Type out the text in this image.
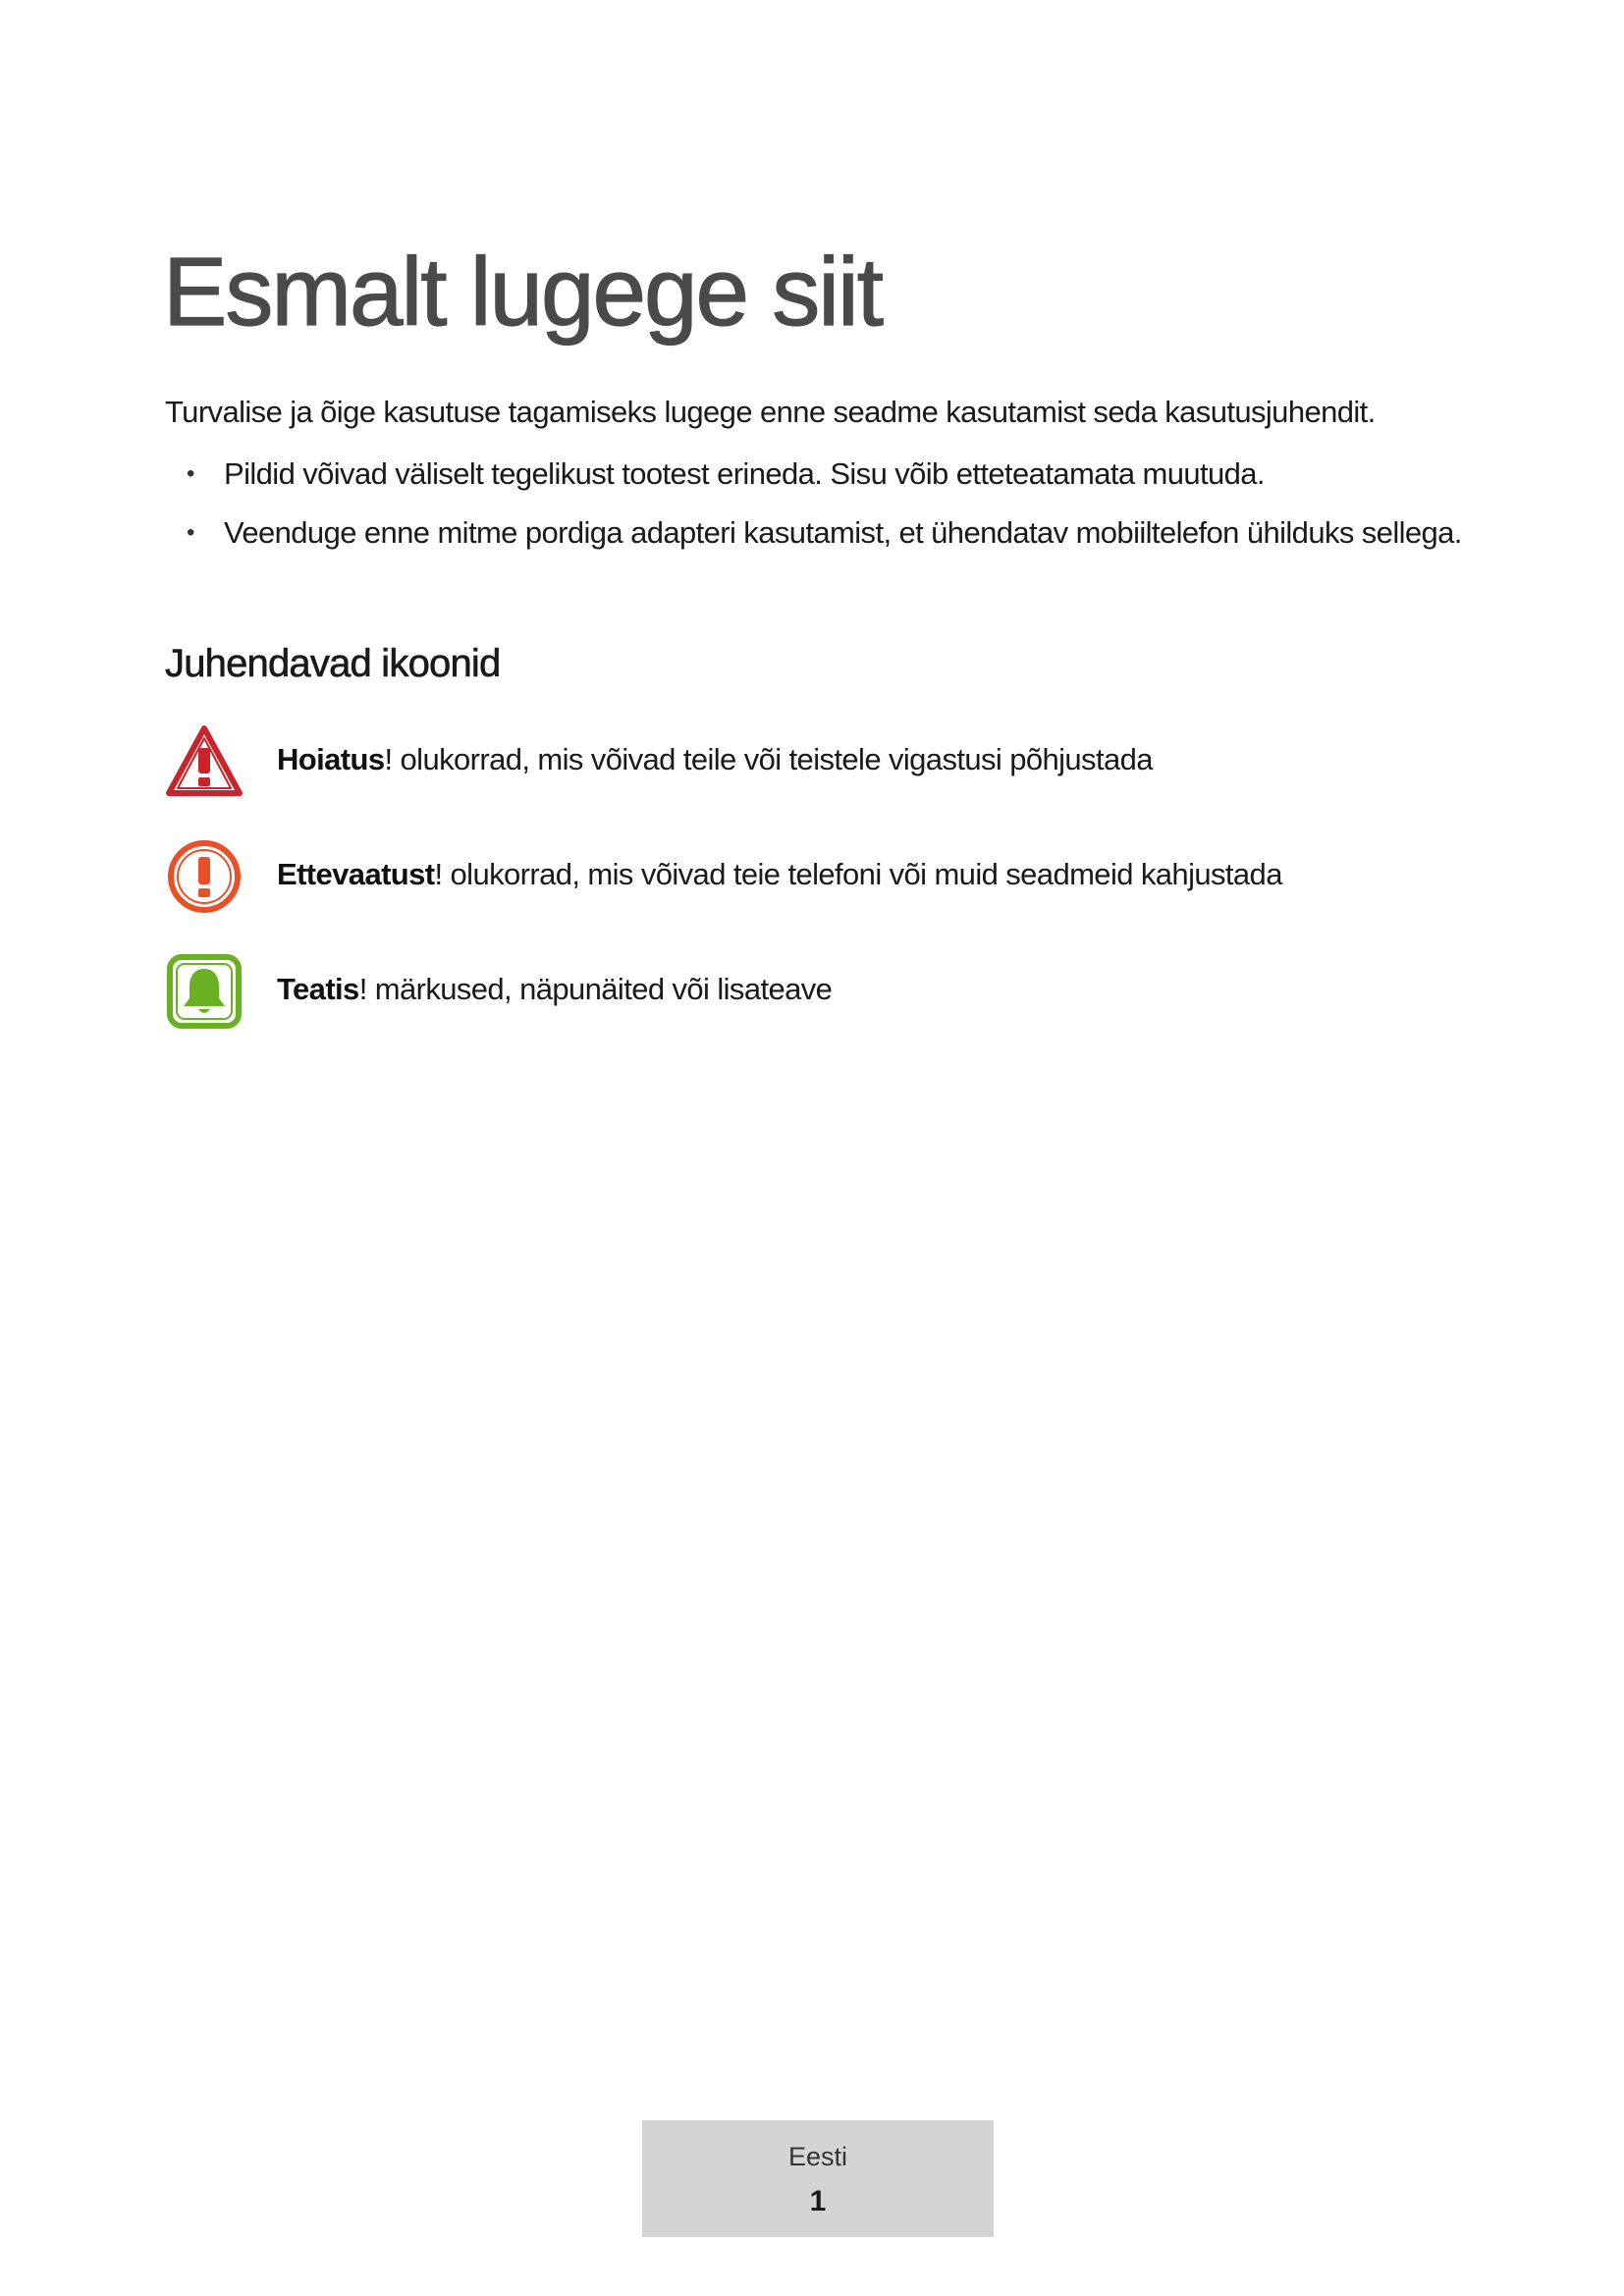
Esmalt lugege siit

Turvalise ja õige kasutuse tagamiseks lugege enne seadme kasutamist seda kasutusjuhendit.

• Pildid võivad väliselt tegelikust tootest erineda. Sisu võib etteteatamata muutuda.
• Veenduge enne mitme pordiga adapteri kasutamist, et ühendatav mobiiltelefon ühilduks sellega.
Juhendavad ikoonid
Hoiatus! olukorrad, mis võivad teile või teistele vigastusi põhjustada
Ettevaatust! olukorrad, mis võivad teie telefoni või muid seadmeid kahjustada
Teatis! märkused, näpunäited või lisateave
Eesti
1
